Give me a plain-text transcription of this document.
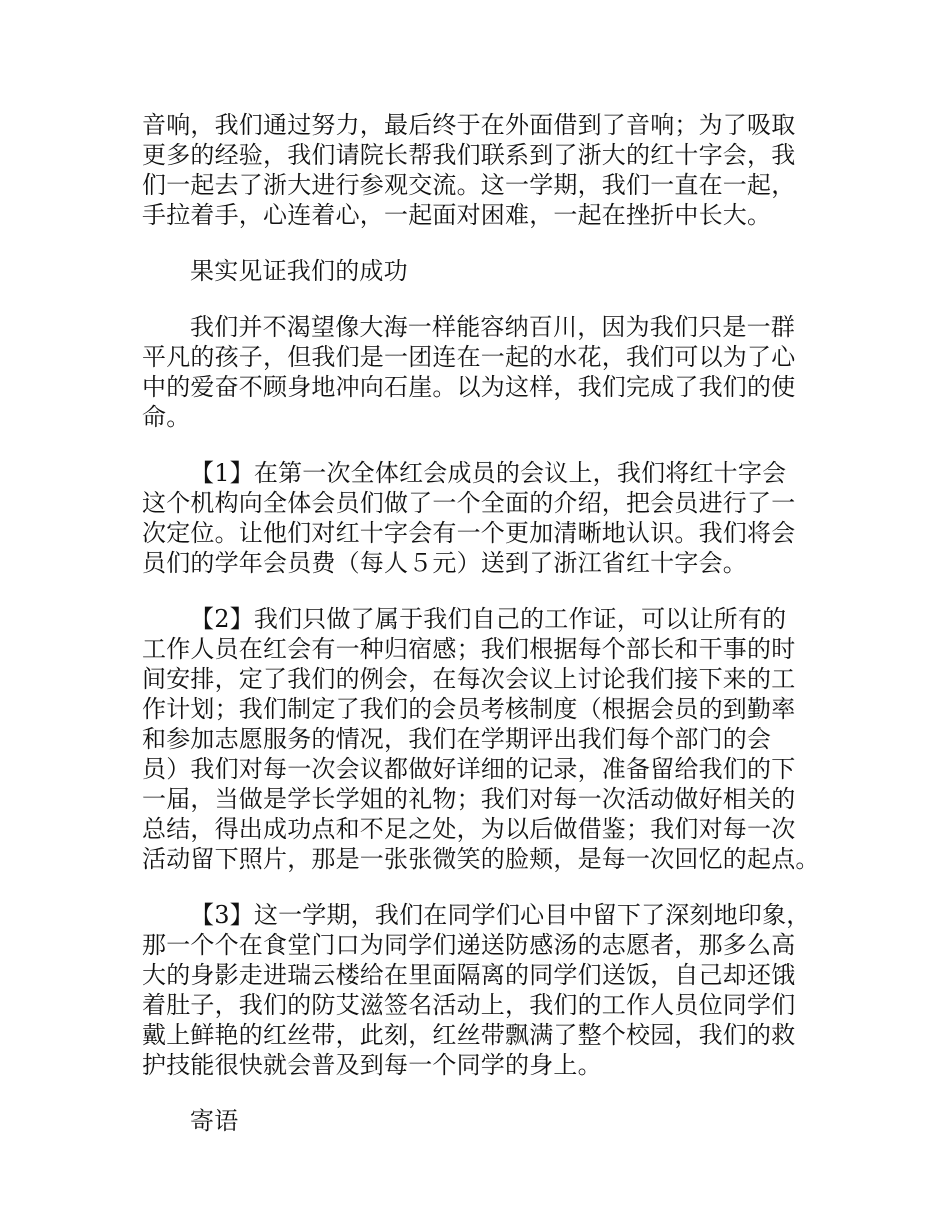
音响，我们通过努力，最后终于在外面借到了音响；为了吸取
更多的经验，我们请院长帮我们联系到了浙大的红十字会，我
们一起去了浙大进行参观交流。这一学期，我们一直在一起，
手拉着手，心连着心，一起面对困难，一起在挫折中长大。
果实见证我们的成功
我们并不渴望像大海一样能容纳百川，因为我们只是一群
平凡的孩子，但我们是一团连在一起的水花，我们可以为了心
中的爱奋不顾身地冲向石崖。以为这样，我们完成了我们的使
命。
【1】在第一次全体红会成员的会议上，我们将红十字会
这个机构向全体会员们做了一个全面的介绍，把会员进行了一
次定位。让他们对红十字会有一个更加清晰地认识。我们将会
员们的学年会员费（每人５元）送到了浙江省红十字会。
【2】我们只做了属于我们自己的工作证，可以让所有的
工作人员在红会有一种归宿感；我们根据每个部长和干事的时
间安排，定了我们的例会，在每次会议上讨论我们接下来的工
作计划；我们制定了我们的会员考核制度（根据会员的到勤率
和参加志愿服务的情况，我们在学期评出我们每个部门的会
员）我们对每一次会议都做好详细的记录，准备留给我们的下
一届，当做是学长学姐的礼物；我们对每一次活动做好相关的
总结，得出成功点和不足之处，为以后做借鉴；我们对每一次
活动留下照片，那是一张张微笑的脸颊，是每一次回忆的起点。
【3】这一学期，我们在同学们心目中留下了深刻地印象，
那一个个在食堂门口为同学们递送防感汤的志愿者，那多么高
大的身影走进瑞云楼给在里面隔离的同学们送饭，自己却还饿
着肚子，我们的防艾滋签名活动上，我们的工作人员位同学们
戴上鲜艳的红丝带，此刻，红丝带飘满了整个校园，我们的救
护技能很快就会普及到每一个同学的身上。
寄语
